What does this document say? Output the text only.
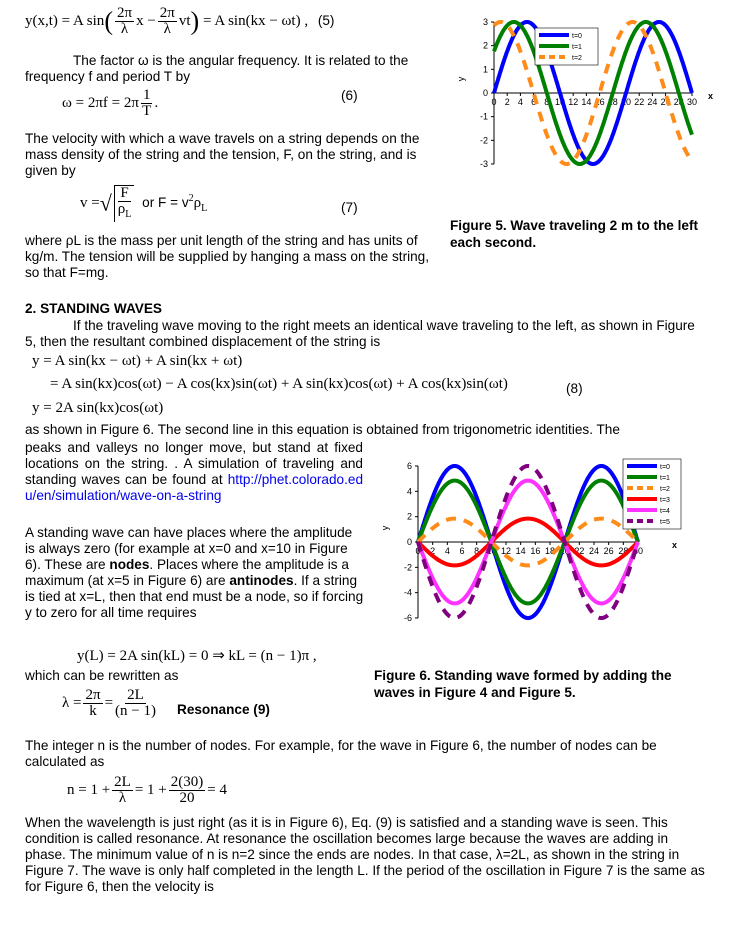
y(x,t) = A $\sin( \frac{2\pi}{\lambda}$ $x - \frac{2\pi}{\lambda} vt) = A$ sin(kx − ωt) , (5)
The factor ω is the angular frequency. It is related to the frequency f and period T by
$\omega = 2\pi f = 2\pi \frac{1}{T}$ .	(6)
The velocity with which a wave travels on a string depends on the mass density of the string and the tension, F, on the string, and is given by
v =√ $\frac{F}{\rho_L}$ or $F = v^2\rho_L$	(7)
where ρL is the mass per unit length of the string and has units of kg/m. The tension will be supplied by hanging a mass on the string, so that F=mg.
-3
-2
-1
0
1
2
3
0 2 4 6 8 10 12 14 16 18 20 22 24 26 28 30
y
x
t=0
t=1
t=2
Figure 5. Wave traveling 2 m to the left each second.
2. STANDING WAVES
If the traveling wave moving to the right meets an identical wave traveling to the left, as shown in Figure 5, then the resultant combined displacement of the string is
y = A sin(kx − ωt) + A sin(kx + ωt)
= A sin(kx)cos(ωt) − A cos(kx)sin(ωt) + A sin(kx)cos(ωt) + A cos(kx)sin(ωt)	(8)
y = 2A sin(kx)cos(ωt)
as shown in Figure 6. The second line in this equation is obtained from trigonometric identities. The
peaks and valleys no longer move, but stand at fixed locations on the string. . A simulation of traveling and standing waves can be found at http://phet.colorado.edu/en/simulation/wave-on-a-string
A standing wave can have places where the amplitude is always zero (for example at x=0 and x=10 in Figure 6). These are nodes. Places where the amplitude is a maximum (at x=5 in Figure 6) are antinodes. If a string is tied at x=L, then that end must be a node, so if forcing y to zero for all time requires
y(L) = 2A sin(kL) = 0 ⇒ kL = (n − 1)π ,
which can be rewritten as
$\lambda = \frac{2\pi}{k} = \frac{2L}{(n - 1)}$ Resonance (9)
-6
-4
-2
0
2
4
6
0 2 4 6 8 10 12 14 16 18 20 22 24 26 28 30
y
x
t=0
t=1
t=2
t=3
t=4
t=5
Figure 6. Standing wave formed by adding the waves in Figure 4 and Figure 5.
The integer n is the number of nodes. For example, for the wave in Figure 6, the number of nodes can be calculated as
$n = 1 + \frac{2L}{\lambda} = 1 + \frac{2(30)}{20} = 4$
When the wavelength is just right (as it is in Figure 6), Eq. (9) is satisfied and a standing wave is seen. This condition is called resonance. At resonance the oscillation becomes large because the waves are adding in phase. The minimum value of n is n=2 since the ends are nodes. In that case, λ=2L, as shown in the string in Figure 7. The wave is only half completed in the length L. If the period of the oscillation in Figure 7 is the same as for Figure 6, then the velocity is
